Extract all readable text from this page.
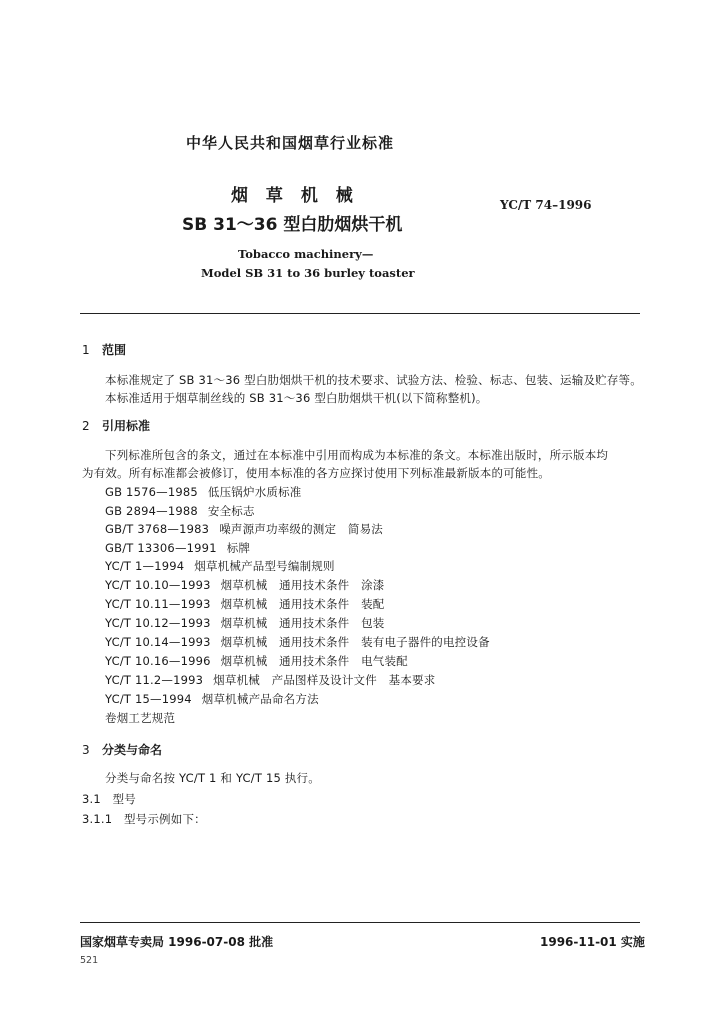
中华人民共和国烟草行业标准
烟 草 机 械
SB 31～36 型白肋烟烘干机
YC/T 74–1996
Tobacco machinery—
Model SB 31 to 36 burley toaster
1 范围
本标准规定了 SB 31～36 型白肋烟烘干机的技术要求、试验方法、检验、标志、包装、运输及贮存等。
本标准适用于烟草制丝线的 SB 31～36 型白肋烟烘干机(以下简称整机)。
2 引用标准
下列标准所包含的条文，通过在本标准中引用而构成为本标准的条文。本标准出版时，所示版本均
为有效。所有标准都会被修订，使用本标准的各方应探讨使用下列标准最新版本的可能性。
GB 1576—1985 低压锅炉水质标准
GB 2894—1988 安全标志
GB/T 3768—1983 噪声源声功率级的测定　简易法
GB/T 13306—1991 标牌
YC/T 1—1994 烟草机械产品型号编制规则
YC/T 10.10—1993 烟草机械　通用技术条件　涂漆
YC/T 10.11—1993 烟草机械　通用技术条件　装配
YC/T 10.12—1993 烟草机械　通用技术条件　包装
YC/T 10.14—1993 烟草机械　通用技术条件　装有电子器件的电控设备
YC/T 10.16—1996 烟草机械　通用技术条件　电气装配
YC/T 11.2—1993 烟草机械　产品图样及设计文件　基本要求
YC/T 15—1994 烟草机械产品命名方法
卷烟工艺规范
3 分类与命名
分类与命名按 YC/T 1 和 YC/T 15 执行。
3.1　型号
3.1.1　型号示例如下：
国家烟草专卖局 1996-07-08 批准	1996-11-01 实施
521
